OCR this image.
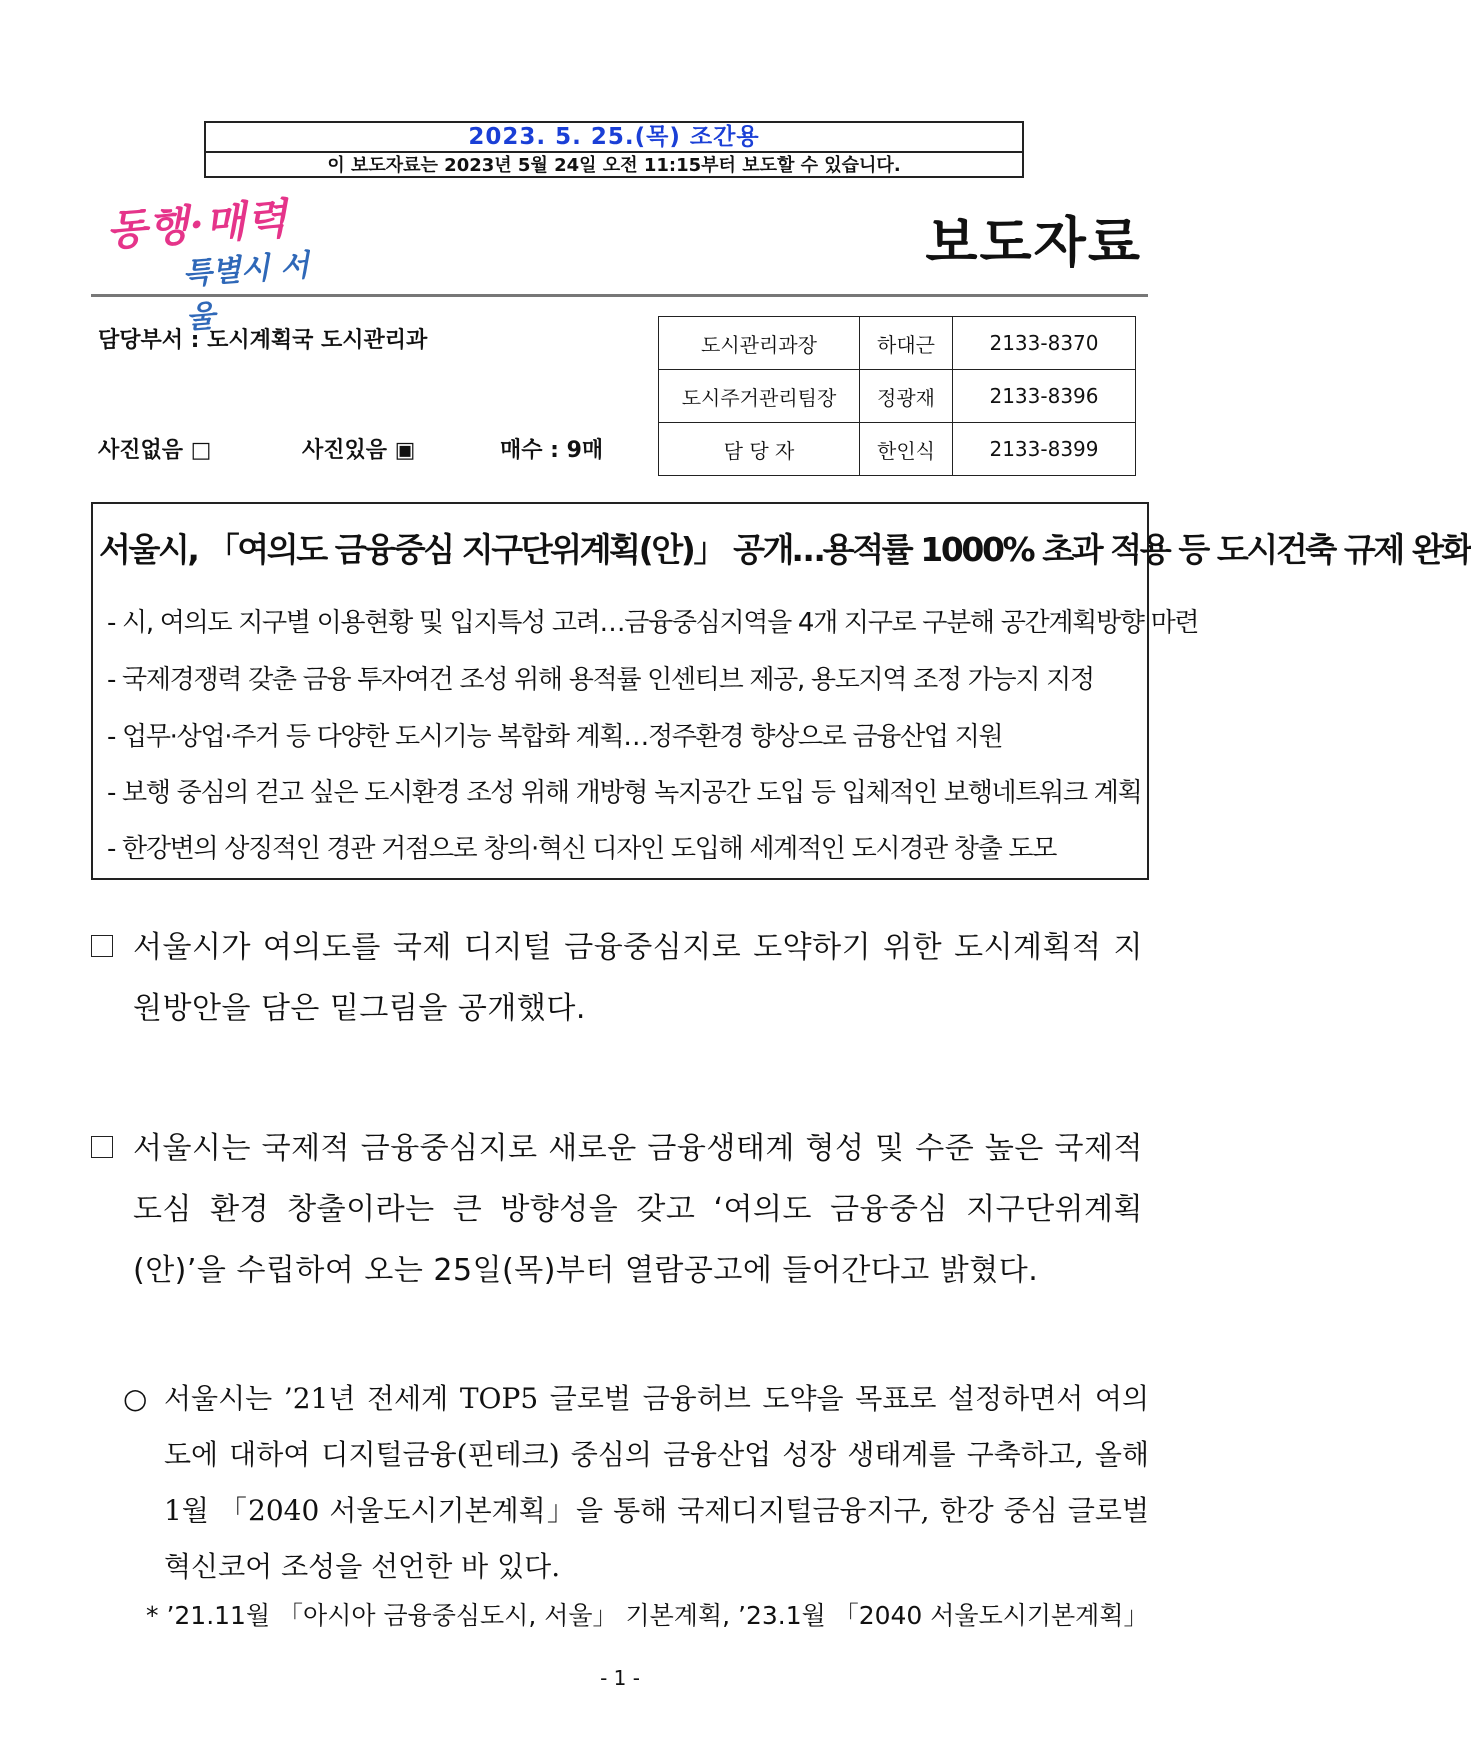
2023. 5. 25.(목) 조간용
이 보도자료는 2023년 5월 24일 오전 11:15부터 보도할 수 있습니다.
동행·매력
특별시 서울
보도자료
담당부서 : 도시계획국 도시관리과	도시관리과장	하대근	2133-8370
도시주거관리팀장	정광재	2133-8396
담 당 자	한인식	2133-8399
사진없음 □	사진있음 ▣	매수 : 9매
서울시, 「여의도 금융중심 지구단위계획(안)」 공개…용적률 1000% 초과 적용 등 도시건축 규제 완화
- 시, 여의도 지구별 이용현황 및 입지특성 고려…금융중심지역을 4개 지구로 구분해 공간계획방향 마련
- 국제경쟁력 갖춘 금융 투자여건 조성 위해 용적률 인센티브 제공, 용도지역 조정 가능지 지정
- 업무·상업·주거 등 다양한 도시기능 복합화 계획…정주환경 향상으로 금융산업 지원
- 보행 중심의 걷고 싶은 도시환경 조성 위해 개방형 녹지공간 도입 등 입체적인 보행네트워크 계획
- 한강변의 상징적인 경관 거점으로 창의·혁신 디자인 도입해 세계적인 도시경관 창출 도모
서울시가 여의도를 국제 디지털 금융중심지로 도약하기 위한 도시계획적 지원방안을 담은 밑그림을 공개했다.
서울시는 국제적 금융중심지로 새로운 금융생태계 형성 및 수준 높은 국제적 도심 환경 창출이라는 큰 방향성을 갖고 ‘여의도 금융중심 지구단위계획(안)’을 수립하여 오는 25일(목)부터 열람공고에 들어간다고 밝혔다.
○ 서울시는 ’21년 전세계 TOP5 글로벌 금융허브 도약을 목표로 설정하면서 여의도에 대하여 디지털금융(핀테크) 중심의 금융산업 성장 생태계를 구축하고, 올해 1월 「2040 서울도시기본계획」을 통해 국제디지털금융지구, 한강 중심 글로벌 혁신코어 조성을 선언한 바 있다.
* ’21.11월 「아시아 금융중심도시, 서울」 기본계획, ’23.1월 「2040 서울도시기본계획」
- 1 -
